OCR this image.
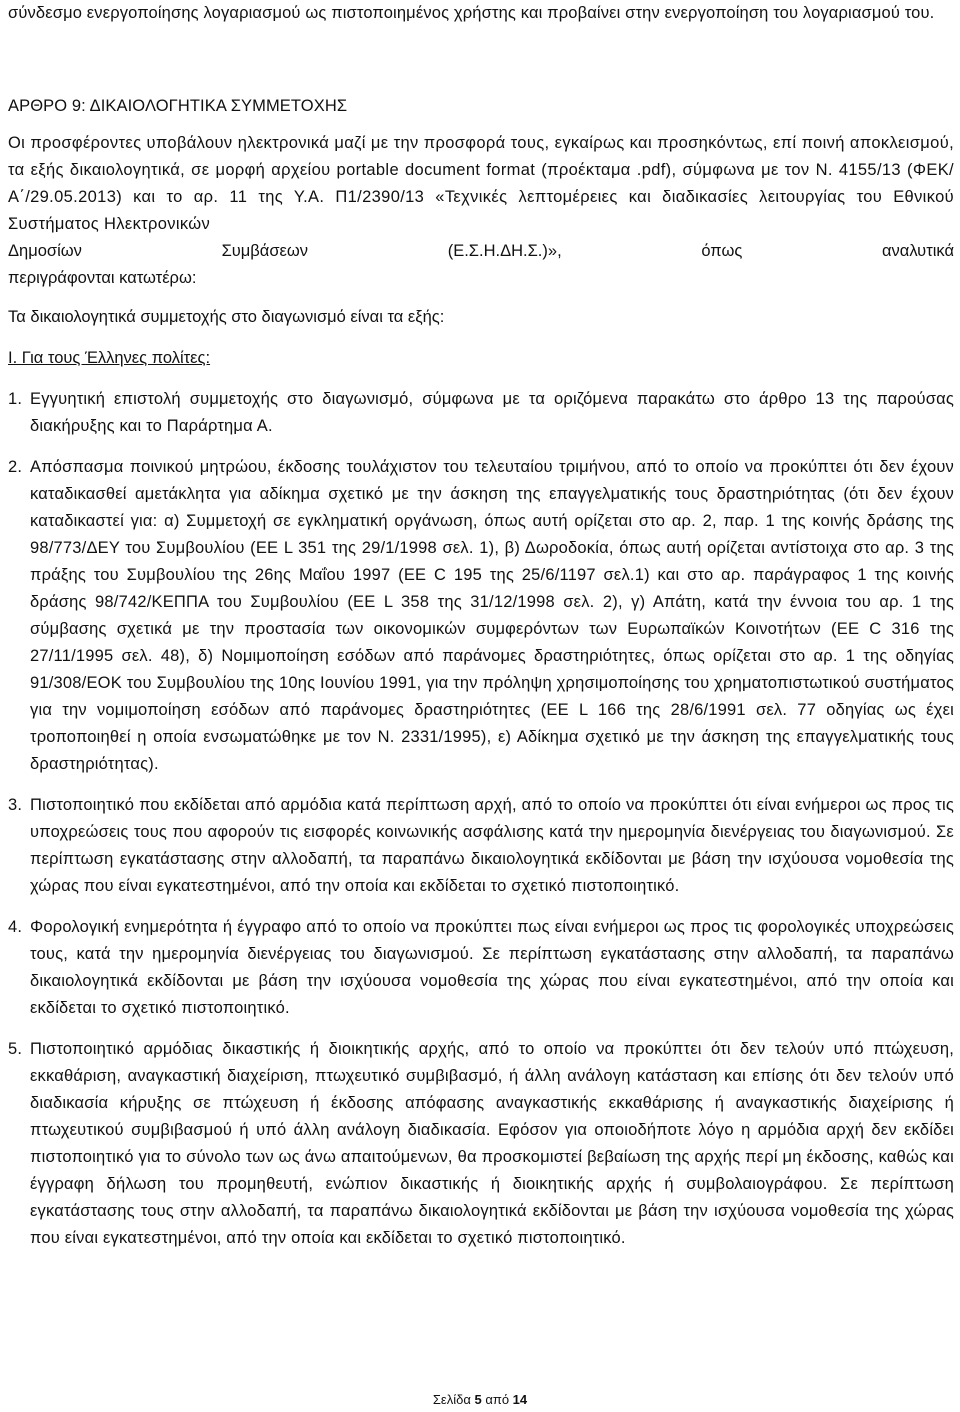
σύνδεσμο ενεργοποίησης λογαριασμού ως πιστοποιημένος χρήστης και προβαίνει στην ενεργοποίηση του λογαριασμού του.

ΑΡΘΡΟ 9: ΔΙΚΑΙΟΛΟΓΗΤΙΚΑ ΣΥΜΜΕΤΟΧΗΣ

Οι προσφέροντες υποβάλουν ηλεκτρονικά μαζί με την προσφορά τους, εγκαίρως και προσηκόντως, επί ποινή αποκλεισμού, τα εξής δικαιολογητικά, σε μορφή αρχείου portable document format (προέκταμα .pdf), σύμφωνα με τον Ν. 4155/13 (ΦΕΚ/Α΄/29.05.2013) και το αρ. 11 της Υ.Α. Π1/2390/13 «Τεχνικές λεπτομέρειες και διαδικασίες λειτουργίας του Εθνικού Συστήματος Ηλεκτρονικών

Δημοσίων	Συμβάσεων	(Ε.Σ.Η.ΔΗ.Σ.)»,	όπως	αναλυτικά

περιγράφονται κατωτέρω:

Τα δικαιολογητικά συμμετοχής στο διαγωνισμό είναι τα εξής:

Ι. Για τους Έλληνες πολίτες:

1. Εγγυητική επιστολή συμμετοχής στο διαγωνισμό, σύμφωνα με τα οριζόμενα παρακάτω στο άρθρο 13 της παρούσας διακήρυξης και το Παράρτημα Α.
2. Απόσπασμα ποινικού μητρώου, έκδοσης τουλάχιστον του τελευταίου τριμήνου, από το οποίο να προκύπτει ότι δεν έχουν καταδικασθεί αμετάκλητα για αδίκημα σχετικό με την άσκηση της επαγγελματικής τους δραστηριότητας (ότι δεν έχουν καταδικαστεί για: α) Συμμετοχή σε εγκληματική οργάνωση, όπως αυτή ορίζεται στο αρ. 2, παρ. 1 της κοινής δράσης της 98/773/ΔΕΥ του Συμβουλίου (ΕΕ L 351 της 29/1/1998 σελ. 1), β) Δωροδοκία, όπως αυτή ορίζεται αντίστοιχα στο αρ. 3 της πράξης του Συμβουλίου της 26ης Μαΐου 1997 (ΕΕ C 195 της 25/6/1197 σελ.1) και στο αρ. παράγραφος 1 της κοινής δράσης 98/742/ΚΕΠΠΑ του Συμβουλίου (ΕΕ L 358 της 31/12/1998 σελ. 2), γ) Απάτη, κατά την έννοια του αρ. 1 της σύμβασης σχετικά με την προστασία των οικονομικών συμφερόντων των Ευρωπαϊκών Κοινοτήτων (ΕΕ C 316 της 27/11/1995 σελ. 48), δ) Νομιμοποίηση εσόδων από παράνομες δραστηριότητες, όπως ορίζεται στο αρ. 1 της οδηγίας 91/308/ΕΟΚ του Συμβουλίου της 10ης Ιουνίου 1991, για την πρόληψη χρησιμοποίησης του χρηματοπιστωτικού συστήματος για την νομιμοποίηση εσόδων από παράνομες δραστηριότητες (ΕΕ L 166 της 28/6/1991 σελ. 77 οδηγίας ως έχει τροποποιηθεί η οποία ενσωματώθηκε με τον Ν. 2331/1995), ε) Αδίκημα σχετικό με την άσκηση της επαγγελματικής τους δραστηριότητας).
3. Πιστοποιητικό που εκδίδεται από αρμόδια κατά περίπτωση αρχή, από το οποίο να προκύπτει ότι είναι ενήμεροι ως προς τις υποχρεώσεις τους που αφορούν τις εισφορές κοινωνικής ασφάλισης κατά την ημερομηνία διενέργειας του διαγωνισμού. Σε περίπτωση εγκατάστασης στην αλλοδαπή, τα παραπάνω δικαιολογητικά εκδίδονται με βάση την ισχύουσα νομοθεσία της χώρας που είναι εγκατεστημένοι, από την οποία και εκδίδεται το σχετικό πιστοποιητικό.
4. Φορολογική ενημερότητα ή έγγραφο από το οποίο να προκύπτει πως είναι ενήμεροι ως προς τις φορολογικές υποχρεώσεις τους, κατά την ημερομηνία διενέργειας του διαγωνισμού. Σε περίπτωση εγκατάστασης στην αλλοδαπή, τα παραπάνω δικαιολογητικά εκδίδονται με βάση την ισχύουσα νομοθεσία της χώρας που είναι εγκατεστημένοι, από την οποία και εκδίδεται το σχετικό πιστοποιητικό.
5. Πιστοποιητικό αρμόδιας δικαστικής ή διοικητικής αρχής, από το οποίο να προκύπτει ότι δεν τελούν υπό πτώχευση, εκκαθάριση, αναγκαστική διαχείριση, πτωχευτικό συμβιβασμό, ή άλλη ανάλογη κατάσταση και επίσης ότι δεν τελούν υπό διαδικασία κήρυξης σε πτώχευση ή έκδοσης απόφασης αναγκαστικής εκκαθάρισης ή αναγκαστικής διαχείρισης ή πτωχευτικού συμβιβασμού ή υπό άλλη ανάλογη διαδικασία. Εφόσον για οποιοδήποτε λόγο η αρμόδια αρχή δεν εκδίδει πιστοποιητικό για το σύνολο των ως άνω απαιτούμενων, θα προσκομιστεί βεβαίωση της αρχής περί μη έκδοσης, καθώς και έγγραφη δήλωση του προμηθευτή, ενώπιον δικαστικής ή διοικητικής αρχής ή συμβολαιογράφου. Σε περίπτωση εγκατάστασης τους στην αλλοδαπή, τα παραπάνω δικαιολογητικά εκδίδονται με βάση την ισχύουσα νομοθεσία της χώρας που είναι εγκατεστημένοι, από την οποία και εκδίδεται το σχετικό πιστοποιητικό.
Σελίδα 5 από 14
